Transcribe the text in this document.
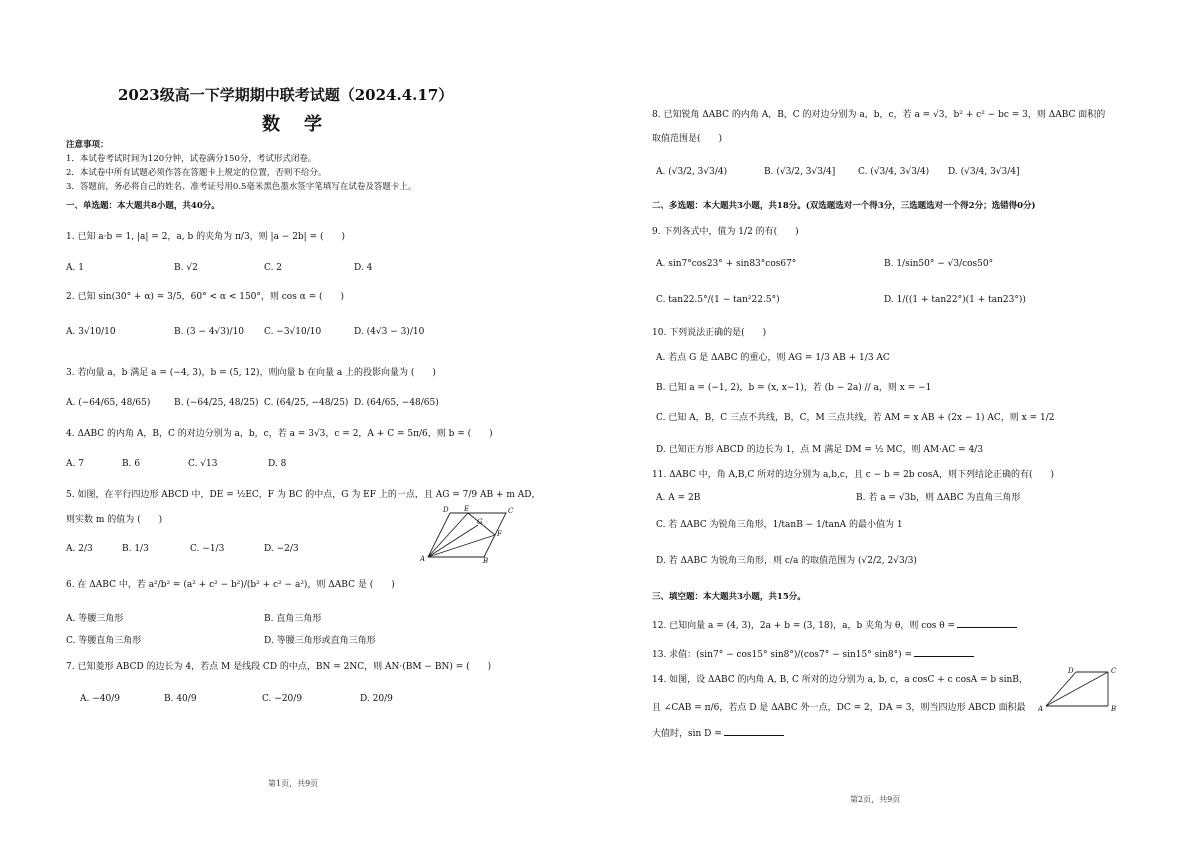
2023级高一下学期期中联考试题（2024.4.17）
数学
注意事项：
1．本试卷考试时间为120分钟，试卷满分150分，考试形式闭卷。
2．本试卷中所有试题必须作答在答题卡上规定的位置，否则不给分。
3．答题前，务必将自己的姓名、准考证号用0.5毫米黑色墨水签字笔填写在试卷及答题卡上。
一、单选题：本大题共8小题，共40分。
1. 已知 a·b = 1, |a| = 2，a, b 的夹角为 π/3，则 |a − 2b| = (　　)
A. 1	B. √2	C. 2	D. 4
2. 已知 sin(30° + α) = 3/5，60° < α < 150°，则 cos α = (　　)
A. 3√10/10	B. (3 − 4√3)/10 C. −3√10/10	D. (4√3 − 3)/10
3. 若向量 a，b 满足 a = (−4, 3)，b = (5, 12)，则向量 b 在向量 a 上的投影向量为 (　　)
A. (−64/65, 48/65)	B. (−64/25, 48/25) C. (64/25, −48/25) D. (64/65, −48/65)
4. ΔABC 的内角 A，B，C 的对边分别为 a，b，c，若 a = 3√3，c = 2，A + C = 5π/6，则 b = (　　)
A. 7	B. 6	C. √13	D. 8
5. 如图，在平行四边形 ABCD 中，DE = ½EC，F 为 BC 的中点，G 为 EF 上的一点，且 AG = 7/9 AB + m AD，
则实数 m 的值为 (　　)
A. 2/3	B. 1/3	C. −1/3	D. −2/3
D E	C
G
F
A	B
6. 在 ΔABC 中，若 a²/b² = (a² + c² − b²)/(b² + c² − a²)，则 ΔABC 是 (　　)
A. 等腰三角形	B. 直角三角形
C. 等腰直角三角形	D. 等腰三角形或直角三角形
7. 已知菱形 ABCD 的边长为 4，若点 M 是线段 CD 的中点，BN = 2NC，则 AN·(BM − BN) = (　　)
A. −40/9	B. 40/9	C. −20/9	D. 20/9
第1页，共9页
8. 已知锐角 ΔABC 的内角 A，B，C 的对边分别为 a，b，c，若 a = √3，b² + c² − bc = 3，则 ΔABC 面积的
取值范围是(　　)
A. (√3/2, 3√3/4)	B. (√3/2, 3√3/4]	C. (√3/4, 3√3/4) D. (√3/4, 3√3/4]
二、多选题：本大题共3小题，共18分。(双选题选对一个得3分，三选题选对一个得2分；选错得0分)
9. 下列各式中，值为 1/2 的有(　　)
A. sin7°cos23° + sin83°cos67°	B. 1/sin50° − √3/cos50°
C. tan22.5°/(1 − tan²22.5°)	D. 1/((1 + tan22°)(1 + tan23°))
10. 下列说法正确的是(　　)
A. 若点 G 是 ΔABC 的重心，则 AG = 1/3 AB + 1/3 AC
B. 已知 a = (−1, 2)，b = (x, x−1)，若 (b − 2a) // a，则 x = −1
C. 已知 A，B，C 三点不共线，B，C，M 三点共线，若 AM = x AB + (2x − 1) AC，则 x = 1/2
D. 已知正方形 ABCD 的边长为 1，点 M 满足 DM = ½ MC，则 AM·AC = 4/3
11. ΔABC 中，角 A,B,C 所对的边分别为 a,b,c，且 c − b = 2b cosA，则下列结论正确的有(　　)
A. A = 2B	B. 若 a = √3b，则 ΔABC 为直角三角形
C. 若 ΔABC 为锐角三角形，1/tanB − 1/tanA 的最小值为 1
D. 若 ΔABC 为锐角三角形，则 c/a 的取值范围为 (√2/2, 2√3/3)
三、填空题：本大题共3小题，共15分。
12. 已知向量 a = (4, 3)，2a + b = (3, 18)，a，b 夹角为 θ，则 cos θ =
13. 求值：(sin7° − cos15° sin8°)/(cos7° − sin15° sin8°) =
14. 如图，设 ΔABC 的内角 A, B, C 所对的边分别为 a, b, c，a cosC + c cosA = b sinB，
且 ∠CAB = π/6，若点 D 是 ΔABC 外一点，DC = 2，DA = 3，则当四边形 ABCD 面积最
大值时，sin D =
D	C
A	B
第2页，共9页
